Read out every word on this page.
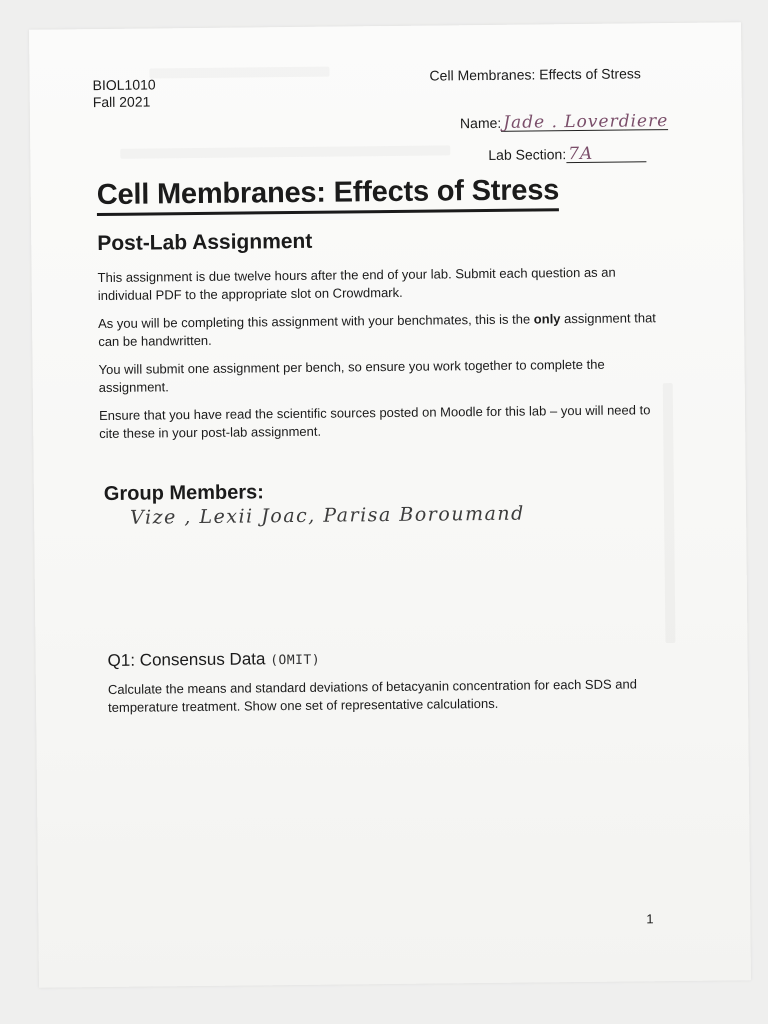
BIOL1010
Fall 2021
Cell Membranes: Effects of Stress
Name: Jade . Loverdiere
Lab Section: 7A
Cell Membranes: Effects of Stress
Post-Lab Assignment

This assignment is due twelve hours after the end of your lab. Submit each question as an individual PDF to the appropriate slot on Crowdmark.

As you will be completing this assignment with your benchmates, this is the only assignment that can be handwritten.

You will submit one assignment per bench, so ensure you work together to complete the assignment.

Ensure that you have read the scientific sources posted on Moodle for this lab – you will need to cite these in your post-lab assignment.

Group Members:
Vize , Lexii Joac, Parisa Boroumand
Q1: Consensus Data (OMIT)

Calculate the means and standard deviations of betacyanin concentration for each SDS and temperature treatment. Show one set of representative calculations.

1
